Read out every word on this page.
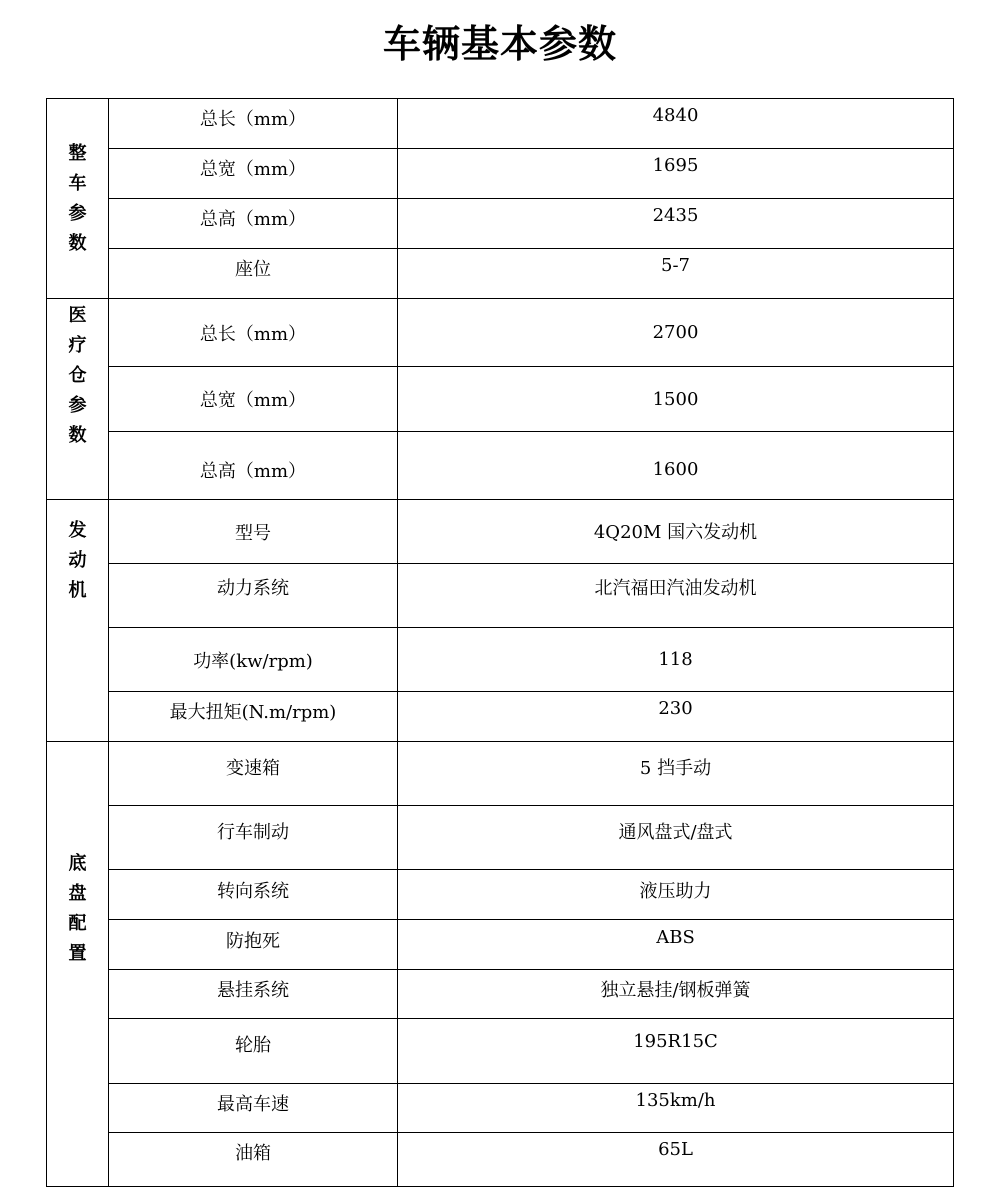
车辆基本参数
整车参数	总长（mm）	4840
	总宽（mm）	1695
	总高（mm）	2435
	座位	5-7
医疗仓参数	总长（mm）	2700
	总宽（mm）	1500
	总高（mm）	1600
发动机	型号	4Q20M 国六发动机
	动力系统	北汽福田汽油发动机
	功率(kw/rpm)	118
	最大扭矩(N.m/rpm)	230
底盘配置	变速箱	5 挡手动
	行车制动	通风盘式/盘式
	转向系统	液压助力
	防抱死	ABS
	悬挂系统	独立悬挂/钢板弹簧
	轮胎	195R15C
	最高车速	135km/h
	油箱	65L
